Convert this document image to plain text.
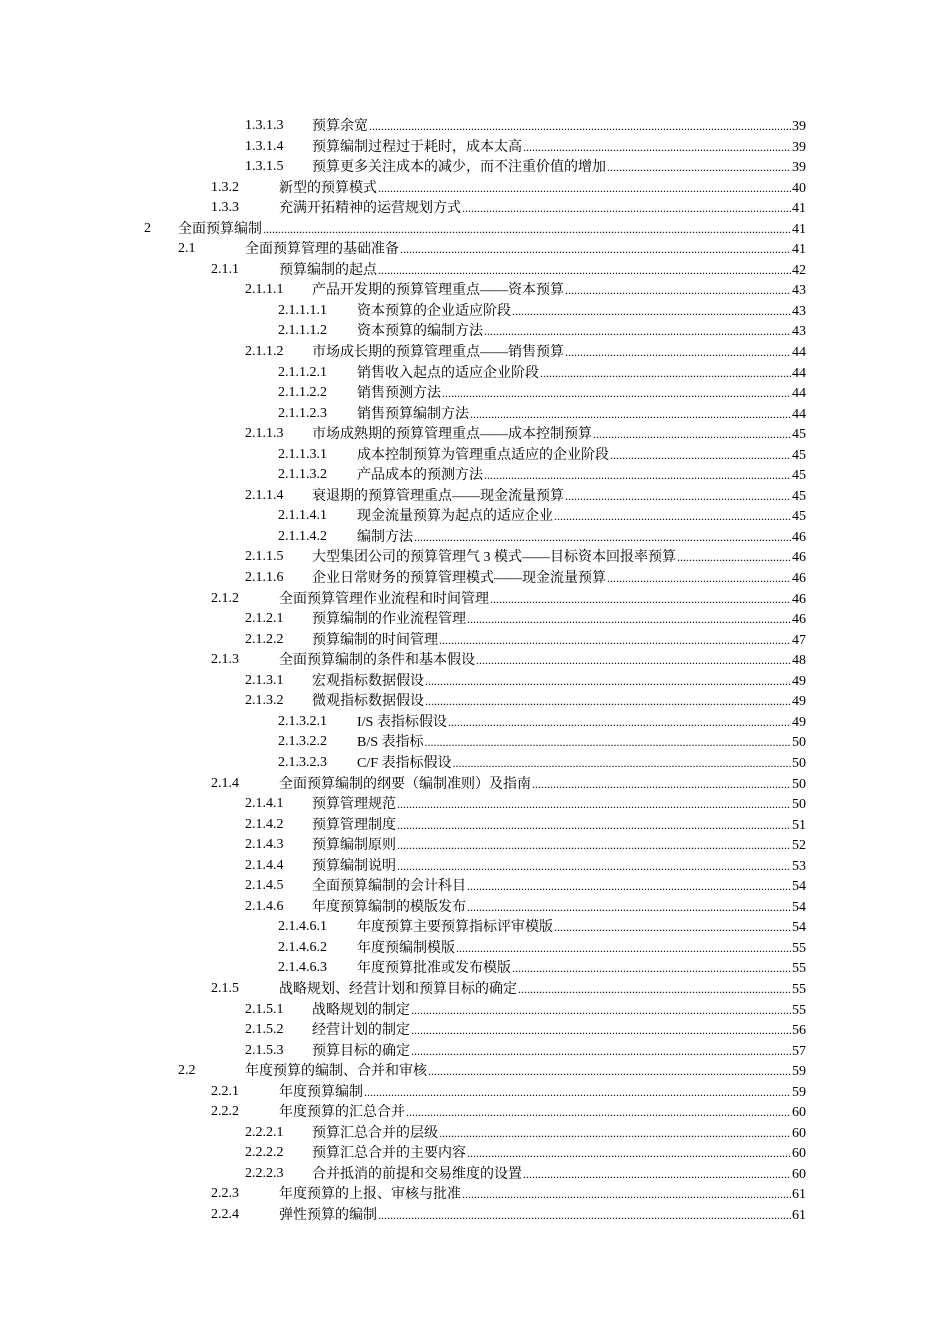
1.3.1.3 预算余宽 .....	39
1.3.1.4 预算编制过程过于耗时，成本太高 .....	39
1.3.1.5 预算更多关注成本的减少，而不注重价值的增加 .....	39
1.3.2	新型的预算模式 .....	40
1.3.3	充满开拓精神的运营规划方式 .....	41
2 全面预算编制 .....	41
2.1	全面预算管理的基础准备 .....	41
2.1.1	预算编制的起点 .....	42
2.1.1.1 产品开发期的预算管理重点——资本预算 .....	43
2.1.1.1.1 资本预算的企业适应阶段 .....	43
2.1.1.1.2 资本预算的编制方法 .....	43
2.1.1.2 市场成长期的预算管理重点——销售预算 .....	44
2.1.1.2.1 销售收入起点的适应企业阶段 .....	44
2.1.1.2.2 销售预测方法 .....	44
2.1.1.2.3 销售预算编制方法 .....	44
2.1.1.3 市场成熟期的预算管理重点——成本控制预算 .....	45
2.1.1.3.1 成本控制预算为管理重点适应的企业阶段 .....	45
2.1.1.3.2 产品成本的预测方法 .....	45
2.1.1.4 衰退期的预算管理重点——现金流量预算 .....	45
2.1.1.4.1 现金流量预算为起点的适应企业 .....	45
2.1.1.4.2 编制方法 .....	46
2.1.1.5 大型集团公司的预算管理气 3 模式——目标资本回报率预算 .....	46
2.1.1.6 企业日常财务的预算管理模式——现金流量预算 .....	46
2.1.2	全面预算管理作业流程和时间管理 .....	46
2.1.2.1 预算编制的作业流程管理 .....	46
2.1.2.2 预算编制的时间管理 .....	47
2.1.3	全面预算编制的条件和基本假设 .....	48
2.1.3.1 宏观指标数据假设 .....	49
2.1.3.2 微观指标数据假设 .....	49
2.1.3.2.1 I/S 表指标假设 .....	49
2.1.3.2.2 B/S 表指标 .....	50
2.1.3.2.3 C/F 表指标假设 .....	50
2.1.4	全面预算编制的纲要（编制准则）及指南 .....	50
2.1.4.1 预算管理规范 .....	50
2.1.4.2 预算管理制度 .....	51
2.1.4.3 预算编制原则 .....	52
2.1.4.4 预算编制说明 .....	53
2.1.4.5 全面预算编制的会计科目 .....	54
2.1.4.6 年度预算编制的模版发布 .....	54
2.1.4.6.1 年度预算主要预算指标评审模版 .....	54
2.1.4.6.2 年度预编制模版 .....	55
2.1.4.6.3 年度预算批准或发布模版 .....	55
2.1.5	战略规划、经营计划和预算目标的确定 .....	55
2.1.5.1 战略规划的制定 .....	55
2.1.5.2 经营计划的制定 .....	56
2.1.5.3 预算目标的确定 .....	57
2.2	年度预算的编制、合并和审核 .....	59
2.2.1	年度预算编制 .....	59
2.2.2	年度预算的汇总合并 .....	60
2.2.2.1 预算汇总合并的层级 .....	60
2.2.2.2 预算汇总合并的主要内容 .....	60
2.2.2.3 合并抵消的前提和交易维度的设置 .....	60
2.2.3	年度预算的上报、审核与批准 .....	61
2.2.4	弹性预算的编制 .....	61
